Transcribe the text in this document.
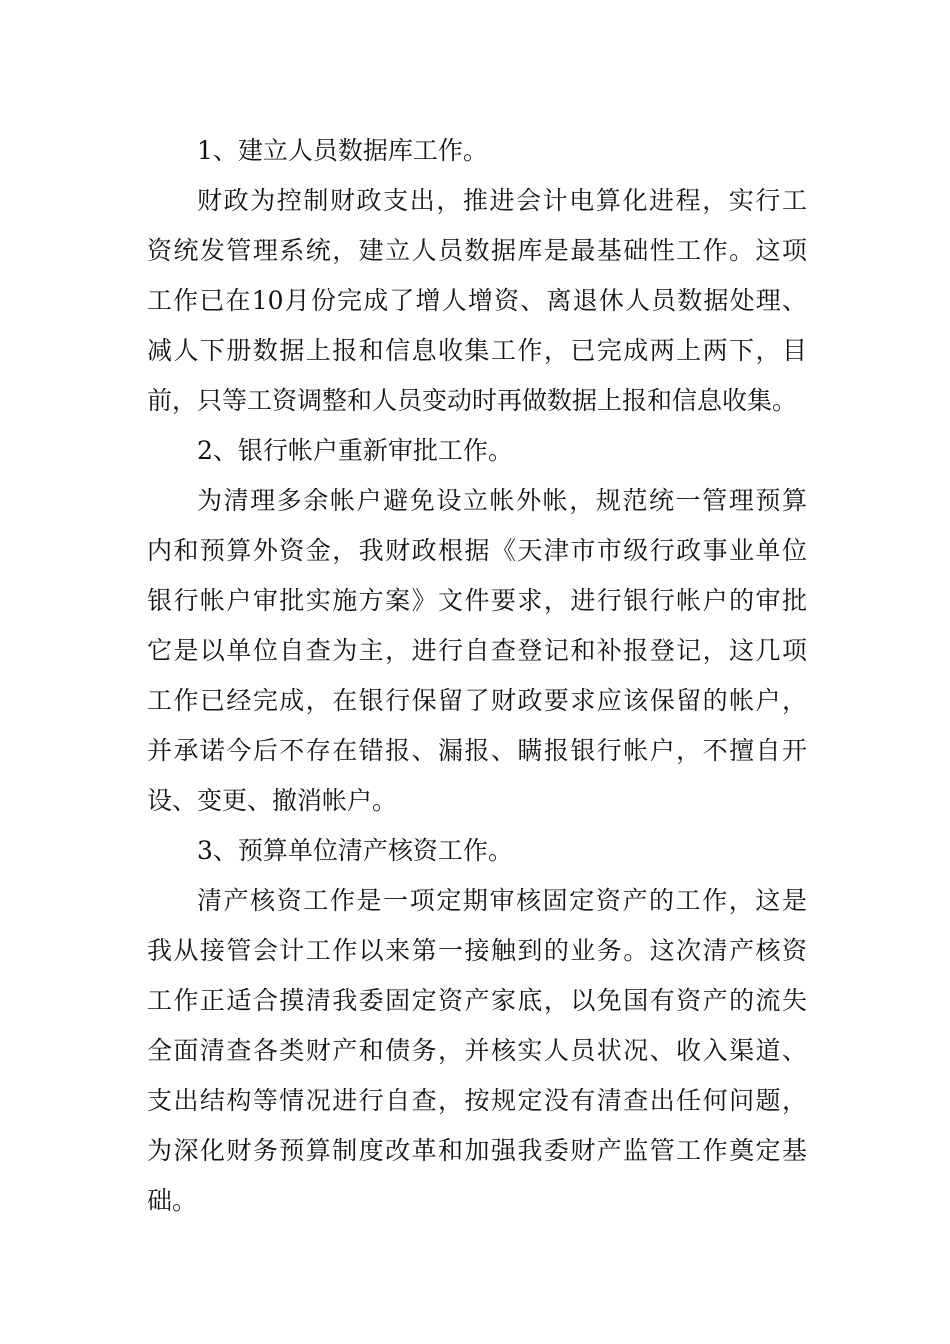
1、建立人员数据库工作。
财政为控制财政支出，推进会计电算化进程，实行工
资统发管理系统，建立人员数据库是最基础性工作。这项
工作已在10月份完成了增人增资、离退休人员数据处理、
减人下册数据上报和信息收集工作，已完成两上两下，目
前，只等工资调整和人员变动时再做数据上报和信息收集。
2、银行帐户重新审批工作。
为清理多余帐户避免设立帐外帐，规范统一管理预算
内和预算外资金，我财政根据《天津市市级行政事业单位
银行帐户审批实施方案》文件要求，进行银行帐户的审批
它是以单位自查为主，进行自查登记和补报登记，这几项
工作已经完成，在银行保留了财政要求应该保留的帐户，
并承诺今后不存在错报、漏报、瞒报银行帐户，不擅自开
设、变更、撤消帐户。
3、预算单位清产核资工作。
清产核资工作是一项定期审核固定资产的工作，这是
我从接管会计工作以来第一接触到的业务。这次清产核资
工作正适合摸清我委固定资产家底，以免国有资产的流失
全面清查各类财产和债务，并核实人员状况、收入渠道、
支出结构等情况进行自查，按规定没有清查出任何问题，
为深化财务预算制度改革和加强我委财产监管工作奠定基
础。
